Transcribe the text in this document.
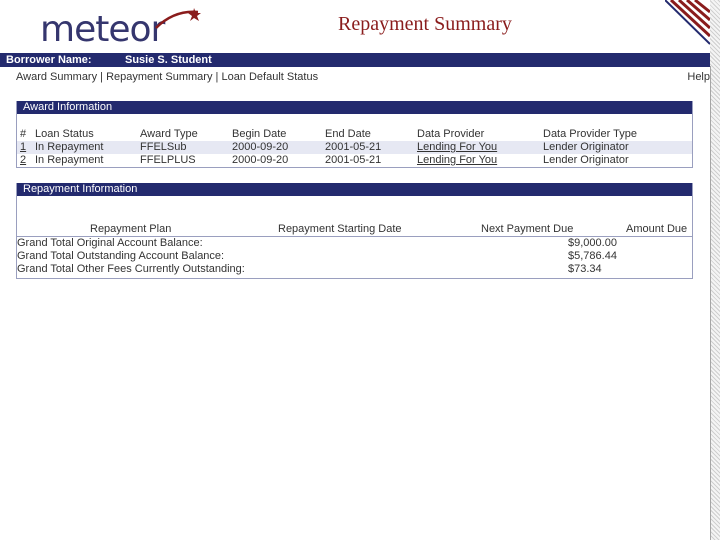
meteor	Repayment Summary
Borrower Name:	Susie S. Student
Award Summary | Repayment Summary | Loan Default Status	Help
Award Information
# Loan Status	Award Type	Begin Date	End Date	Data Provider	Data Provider Type
1 In Repayment	FFELSub	2000-09-20	2001-05-21	Lending For You	Lender Originator
2 In Repayment	FFELPLUS	2000-09-20	2001-05-21	Lending For You	Lender Originator
Repayment Information
Repayment Plan	Repayment Starting Date	Next Payment Due	Amount Due
Grand Total Original Account Balance:	$9,000.00
Grand Total Outstanding Account Balance:	$5,786.44
Grand Total Other Fees Currently Outstanding:	$73.34
